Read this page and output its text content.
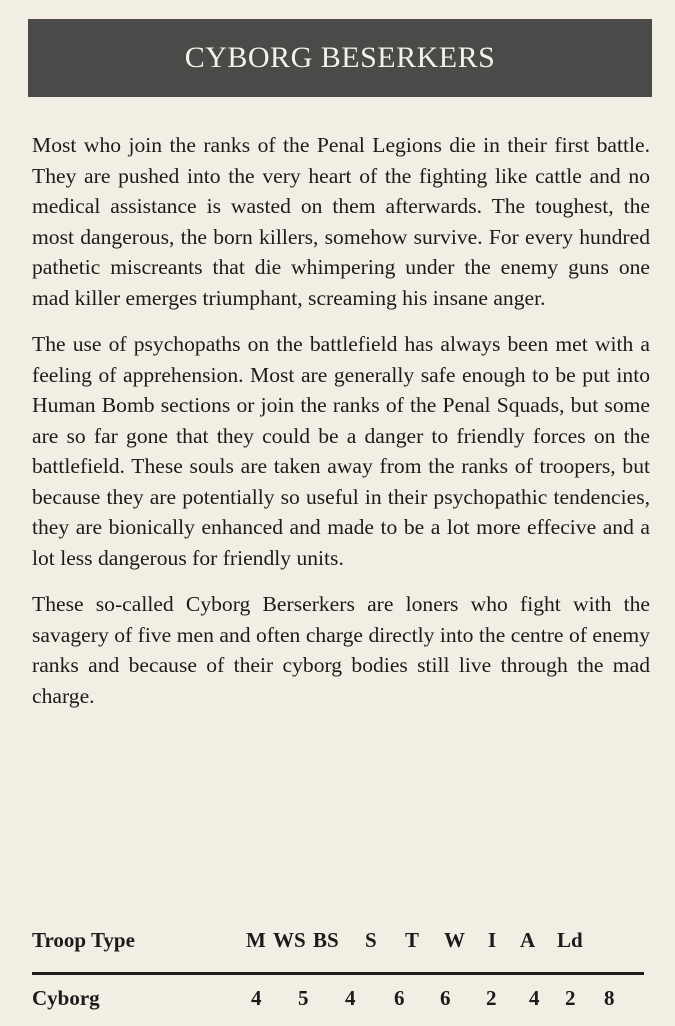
CYBORG BESERKERS

Most who join the ranks of the Penal Legions die in their first battle. They are pushed into the very heart of the fighting like cattle and no medical assistance is wasted on them afterwards. The toughest, the most dangerous, the born killers, somehow survive. For every hundred pathetic miscreants that die whimpering under the enemy guns one mad killer emerges triumphant, screaming his insane anger.

The use of psychopaths on the battlefield has always been met with a feeling of apprehension. Most are generally safe enough to be put into Human Bomb sections or join the ranks of the Penal Squads, but some are so far gone that they could be a danger to friendly forces on the battlefield. These souls are taken away from the ranks of troopers, but because they are potentially so useful in their psychopathic tendencies, they are bionically enhanced and made to be a lot more effecive and a lot less dangerous for friendly units.

These so-called Cyborg Berserkers are loners who fight with the savagery of five men and often charge directly into the centre of enemy ranks and because of their cyborg bodies still live through the mad charge.

Troop Type	M WS BS S T W I A Ld
Cyborg	4 5 4 6 6 2 4 2 8
